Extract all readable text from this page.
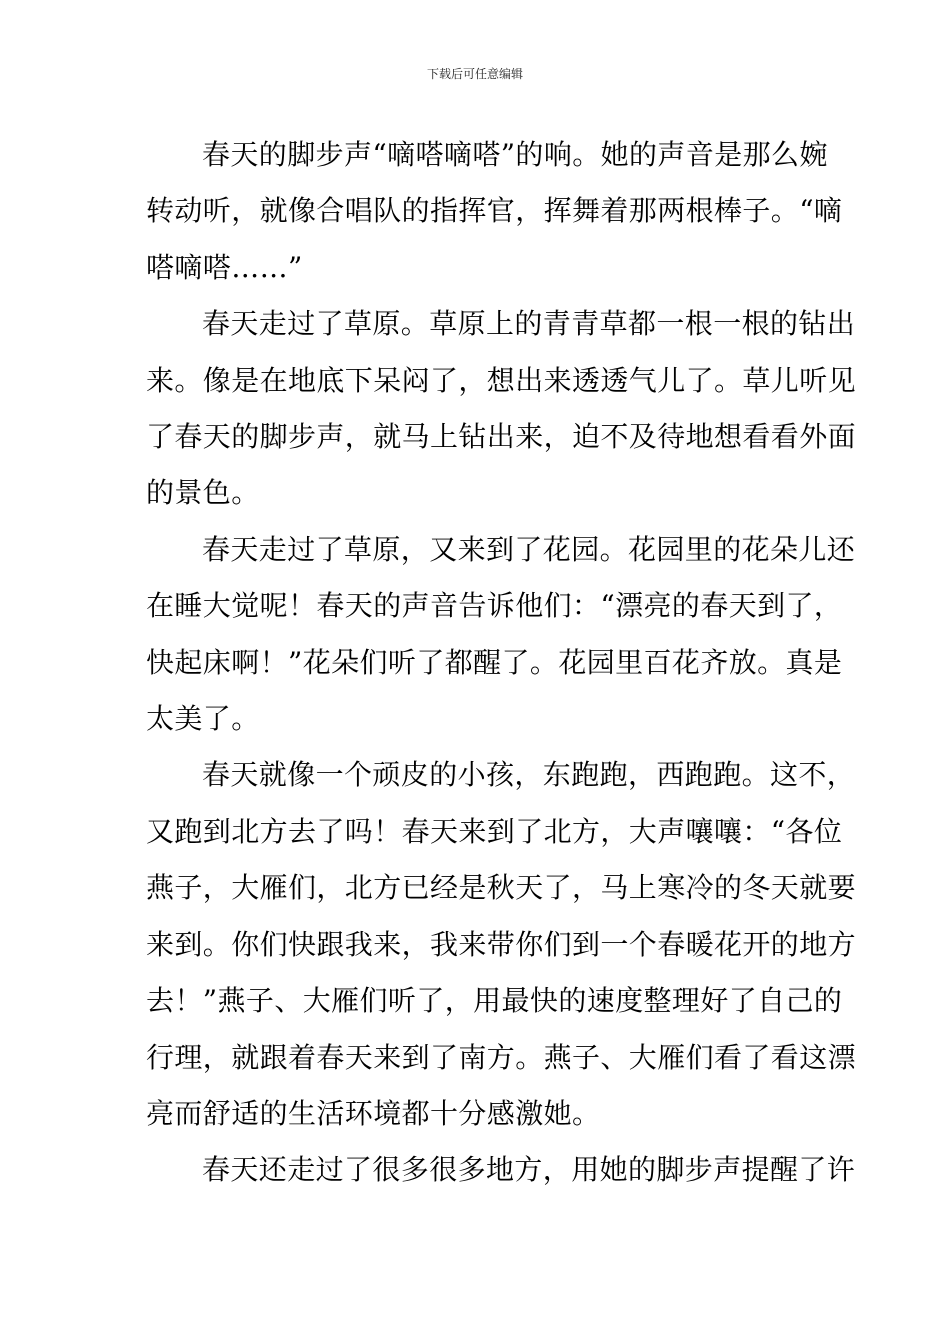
下载后可任意编辑

春天的脚步声“嘀嗒嘀嗒”的响。她的声音是那么婉
转动听，就像合唱队的指挥官，挥舞着那两根棒子。“嘀
嗒嘀嗒……”

春天走过了草原。草原上的青青草都一根一根的钻出
来。像是在地底下呆闷了，想出来透透气儿了。草儿听见
了春天的脚步声，就马上钻出来，迫不及待地想看看外面
的景色。

春天走过了草原，又来到了花园。花园里的花朵儿还
在睡大觉呢！春天的声音告诉他们：“漂亮的春天到了，
快起床啊！”花朵们听了都醒了。花园里百花齐放。真是
太美了。

春天就像一个顽皮的小孩，东跑跑，西跑跑。这不，
又跑到北方去了吗！春天来到了北方，大声嚷嚷：“各位
燕子，大雁们，北方已经是秋天了，马上寒冷的冬天就要
来到。你们快跟我来，我来带你们到一个春暖花开的地方
去！”燕子、大雁们听了，用最快的速度整理好了自己的
行理，就跟着春天来到了南方。燕子、大雁们看了看这漂
亮而舒适的生活环境都十分感激她。

春天还走过了很多很多地方，用她的脚步声提醒了许
